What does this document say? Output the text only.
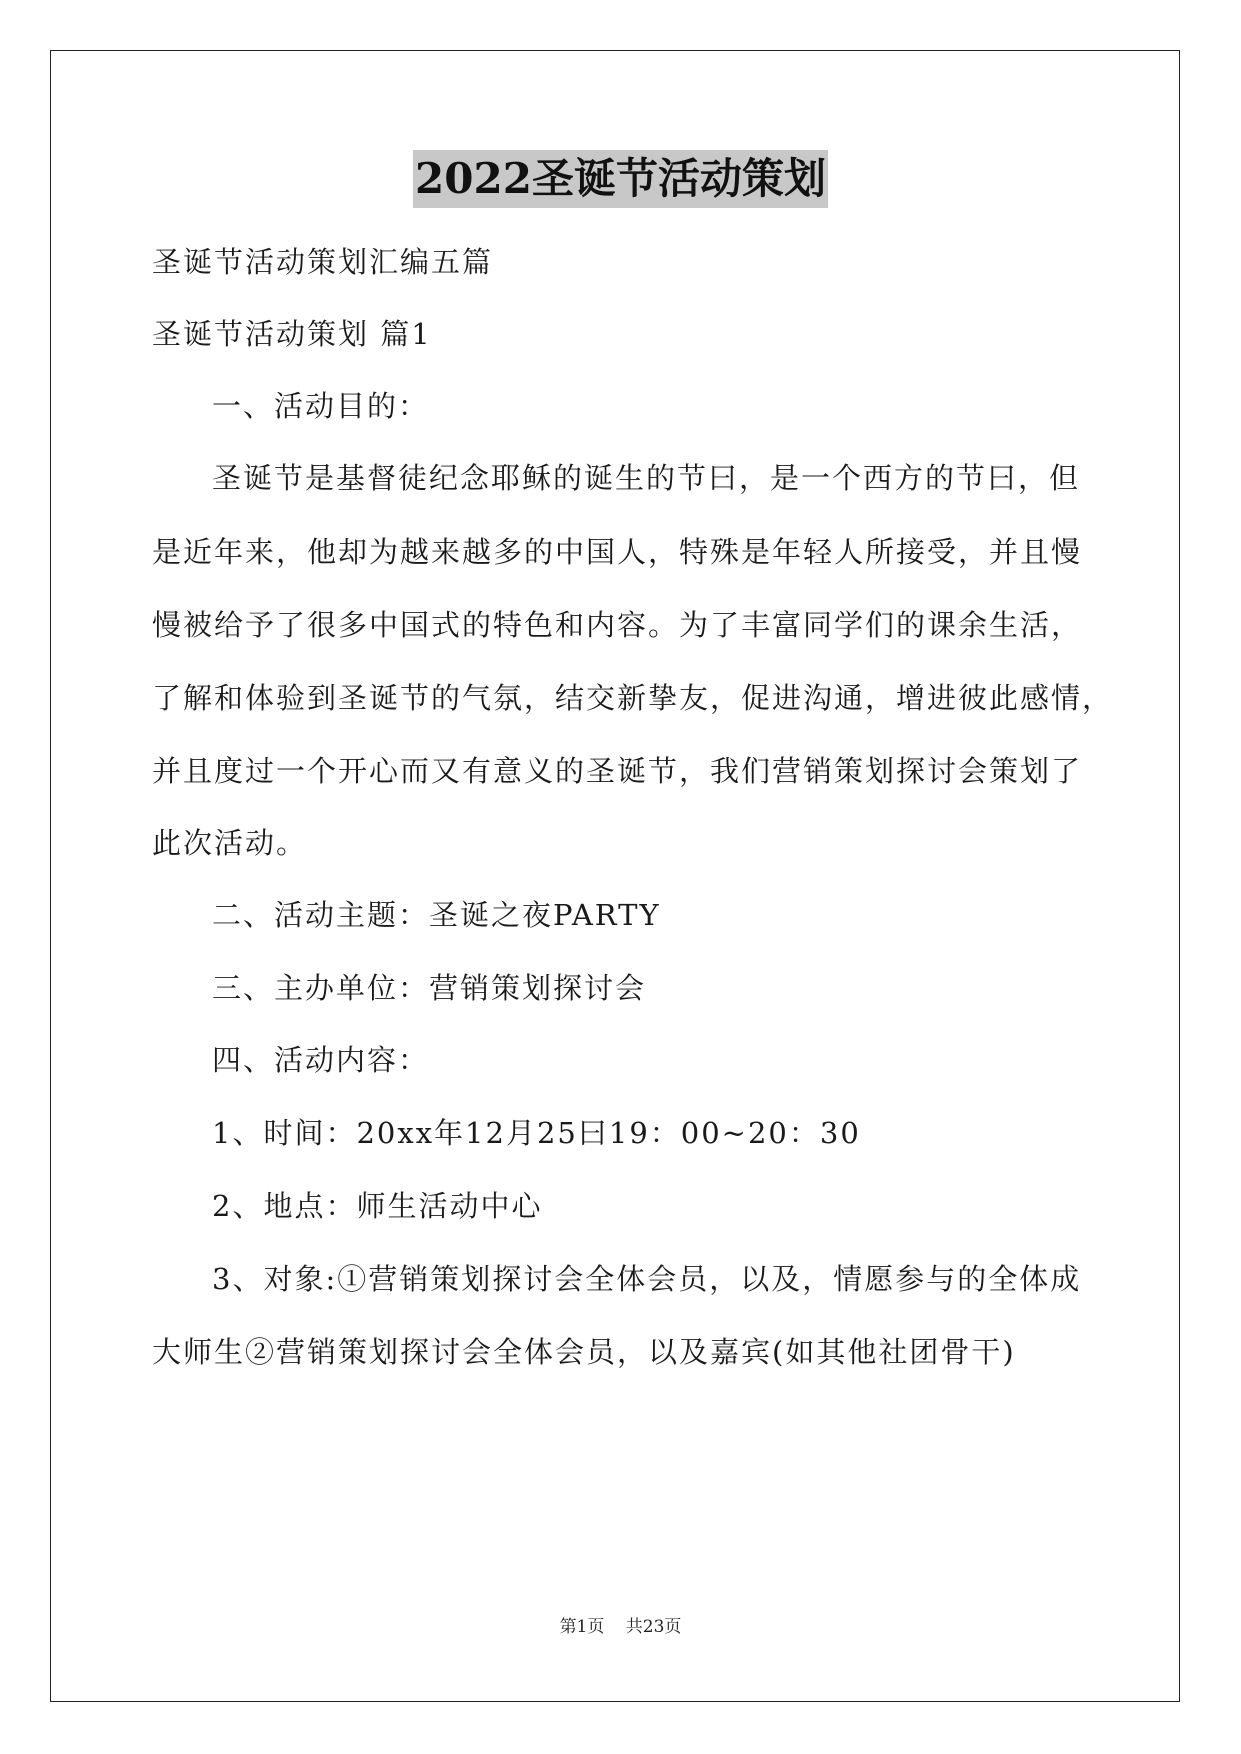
2022圣诞节活动策划
圣诞节活动策划汇编五篇
圣诞节活动策划 篇1
一、活动目的：
圣诞节是基督徒纪念耶稣的诞生的节曰，是一个西方的节曰，但
是近年来，他却为越来越多的中国人，特殊是年轻人所接受，并且慢
慢被给予了很多中国式的特色和内容。为了丰富同学们的课余生活，
了解和体验到圣诞节的气氛，结交新挚友，促进沟通，增进彼此感情，
并且度过一个开心而又有意义的圣诞节，我们营销策划探讨会策划了
此次活动。
二、活动主题：圣诞之夜PARTY
三、主办单位：营销策划探讨会
四、活动内容：
1、时间：20xx年12月25曰19：00~20：30
2、地点：师生活动中心
3、对象:①营销策划探讨会全体会员，以及，情愿参与的全体成
大师生②营销策划探讨会全体会员，以及嘉宾(如其他社团骨干)
第1页 共23页
